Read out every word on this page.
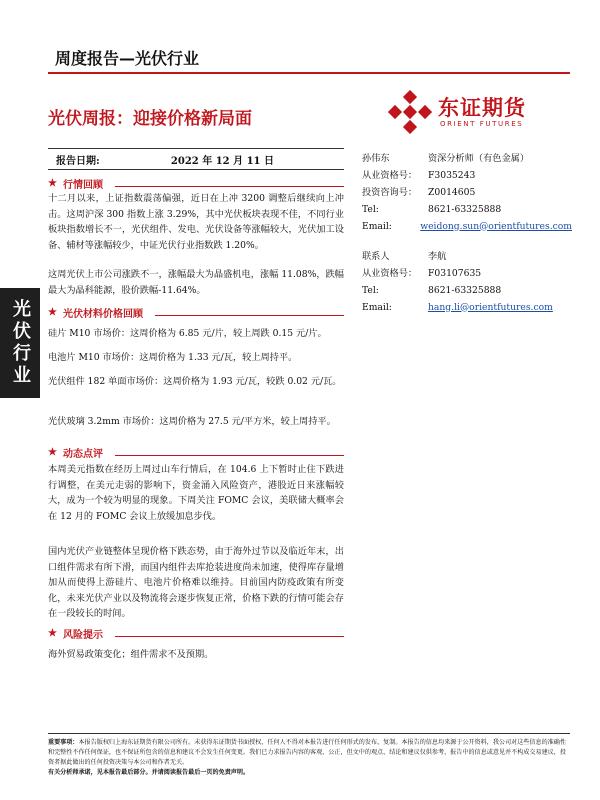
周度报告—光伏行业
光伏周报：迎接价格新局面	东证期货
ORIENT FUTURES
光伏行业
报告日期:	2022 年 12 月 11 日
★ 行情回顾
十二月以来，上证指数震荡偏强，近日在上冲 3200 调整后继续向上冲击。这周沪深 300 指数上涨 3.29%，其中光伏板块表现不佳，不同行业板块指数增长不一，光伏组件、发电、光伏设备等涨幅较大，光伏加工设备、辅材等涨幅较少，中证光伏行业指数跌 1.20%。
这周光伏上市公司涨跌不一，涨幅最大为晶盛机电，涨幅 11.08%，跌幅最大为晶科能源，股价跌幅-11.64%。
★ 光伏材料价格回顾
硅片 M10 市场价：这周价格为 6.85 元/片，较上周跌 0.15 元/片。
电池片 M10 市场价：这周价格为 1.33 元/瓦，较上周持平。
光伏组件 182 单面市场价：这周价格为 1.93 元/瓦，较跌 0.02 元/瓦。
光伏玻璃 3.2mm 市场价：这周价格为 27.5 元/平方米，较上周持平。
★ 动态点评
本周美元指数在经历上周过山车行情后，在 104.6 上下暂时止住下跌进行调整，在美元走弱的影响下，资金涌入风险资产，港股近日来涨幅较大，成为一个较为明显的现象。下周关注 FOMC 会议，美联储大概率会在 12 月的 FOMC 会议上放缓加息步伐。
国内光伏产业链整体呈现价格下跌态势，由于海外过节以及临近年末，出口组件需求有所下滑，而国内组件去库抢装进度尚未加速，使得库存量增加从而使得上游硅片、电池片价格难以维持。目前国内防疫政策有所变化，未来光伏产业以及物流将会逐步恢复正常，价格下跌的行情可能会存在一段较长的时间。
★ 风险提示
海外贸易政策变化；组件需求不及预期。
孙伟东	资深分析师（有色金属）
从业资格号：	F3035243
投资咨询号：	Z0014605
Tel:	8621-63325888
Email:	weidong.sun@orientfutures.com
联系人	李航
从业资格号：	F03107635
Tel:	8621-63325888
Email:	hang.li@orientfutures.com
重要事项：本报告版权归上海东证期货有限公司所有。未获得东证期货书面授权，任何人不得对本报告进行任何形式的发布、复制。本报告的信息均来源于公开资料，我公司对这些信息的准确性和完整性不作任何保证，也不保证所包含的信息和建议不会发生任何变更。我们已力求报告内容的客观、公正，但文中的观点、结论和建议仅供参考，报告中的信息或意见并不构成交易建议，投资者据此做出的任何投资决策与本公司和作者无关。
有关分析师承诺，见本报告最后部分。并请阅读报告最后一页的免责声明。
